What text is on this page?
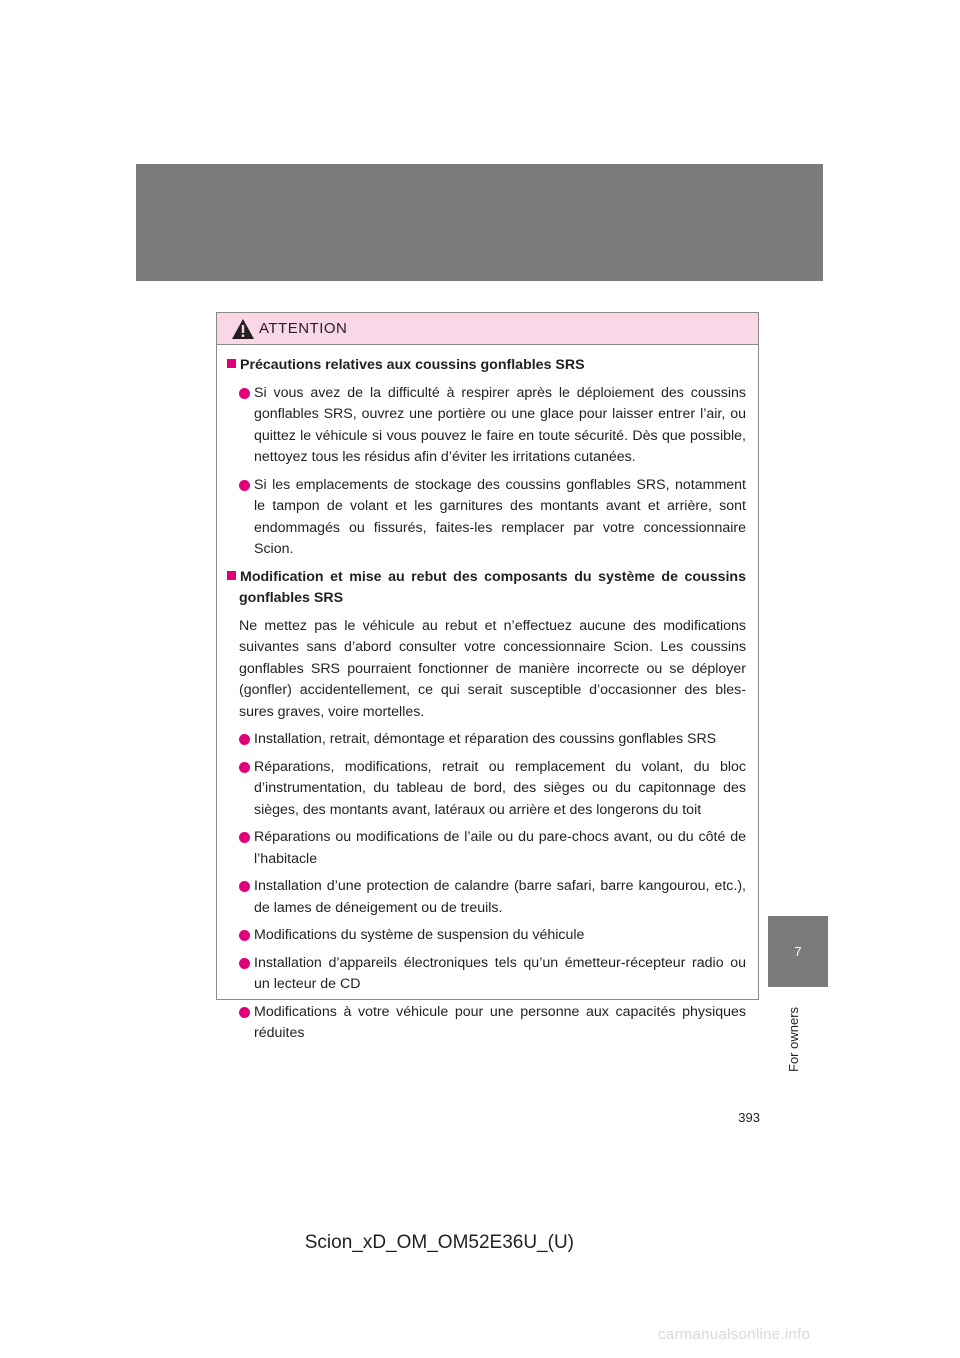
7
For owners
ATTENTION
Précautions relatives aux coussins gonflables SRS
Si vous avez de la difficulté à respirer après le déploiement des coussins gonflables SRS, ouvrez une portière ou une glace pour laisser entrer l’air, ou quittez le véhicule si vous pouvez le faire en toute sécurité. Dès que possible, nettoyez tous les résidus afin d’éviter les irritations cutanées.
Si les emplacements de stockage des coussins gonflables SRS, notamment le tampon de volant et les garnitures des montants avant et arrière, sont endommagés ou fissurés, faites-les remplacer par votre concessionnaire Scion.
Modification et mise au rebut des composants du système de coussins gonflables SRS
Ne mettez pas le véhicule au rebut et n’effectuez aucune des modifications suivantes sans d’abord consulter votre concessionnaire Scion. Les coussins gonflables SRS pourraient fonctionner de manière incorrecte ou se déployer (gonfler) accidentellement, ce qui serait susceptible d’occasionner des bles-sures graves, voire mortelles.
Installation, retrait, démontage et réparation des coussins gonflables SRS
Réparations, modifications, retrait ou remplacement du volant, du bloc d’instrumentation, du tableau de bord, des sièges ou du capitonnage des sièges, des montants avant, latéraux ou arrière et des longerons du toit
Réparations ou modifications de l’aile ou du pare-chocs avant, ou du côté de l’habitacle
Installation d’une protection de calandre (barre safari, barre kangourou, etc.), de lames de déneigement ou de treuils.
Modifications du système de suspension du véhicule
Installation d’appareils électroniques tels qu’un émetteur-récepteur radio ou un lecteur de CD
Modifications à votre véhicule pour une personne aux capacités physiques réduites
393
Scion_xD_OM_OM52E36U_(U)
carmanualsonline.info
